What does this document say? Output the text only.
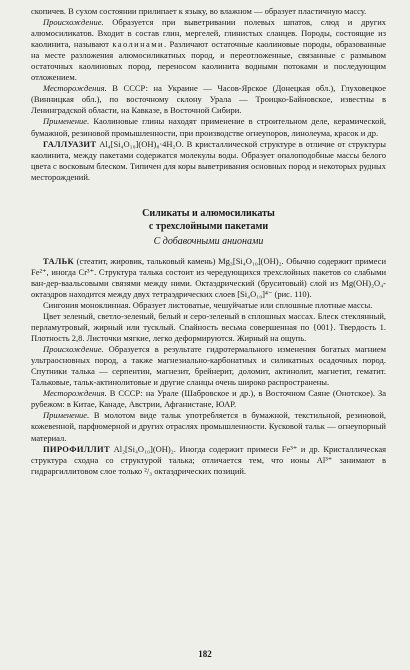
скопичев. В сухом состоянии прилипает к языку, во влажном — образует пластичную массу.

Происхождение. Образуется при выветривании полевых шпатов, слюд и других алюмосиликатов. Входит в состав глин, мергелей, глинистых сланцев. Породы, состоящие из каолинита, называют каолинами. Различают остаточные каолиновые породы, образованные на месте разложения алюмосиликатных пород, и переотложенные, связанные с размывом остаточных каолиновых пород, переносом каолинита водными потоками и последующим отложением.

Месторождения. В СССР: на Украине — Часов-Ярское (Донецкая обл.), Глуховецкое (Винницкая обл.), по восточному склону Урала — Троицко-Байновское, известны в Ленинградской области, на Кавказе, в Восточной Сибири.

Применение. Каолиновые глины находят применение в строительном деле, керамической, бумажной, резиновой промышленности, при производстве огнеупоров, линолеума, красок и др.

ГАЛЛУАЗИТ Al₄[Si₄O₁₀](OH)₈·4H₂O. В кристаллической структуре в отличие от структуры каолинита, между пакетами содержатся молекулы воды. Образует опалоподобные массы белого цвета с восковым блеском. Типичен для коры выветривания основных пород и некоторых рудных месторождений.

Силикаты и алюмосиликаты

с трехслойными пакетами

С добавочными анионами

ТАЛЬК (стеатит, жировик, тальковый камень) Mg₃[Si₄O₁₀](OH)₂. Обычно содержит примеси Fe²⁺, иногда Cr³⁺. Структура талька состоит из чередующихся трехслойных пакетов со слабыми ван-дер-ваальсовыми связями между ними. Октаэдрический (бруситовый) слой из Mg(OH)₂O₄-октаэдров находится между двух тетраэдрических слоев [Si₄O₁₀]⁴⁻ (рис. 110).

Сингония моноклинная. Образует листоватые, чешуйчатые или сплошные плотные массы.

Цвет зеленый, светло-зеленый, белый и серо-зеленый в сплошных массах. Блеск стеклянный, перламутровый, жирный или тусклый. Спайность весьма совершенная по {001}. Твердость 1. Плотность 2,8. Листочки мягкие, легко деформируются. Жирный на ощупь.

Происхождение. Образуется в результате гидротермального изменения богатых магнием ультраосновных пород, а также магнезиально-карбонатных и силикатных осадочных пород. Спутники талька — серпентин, магнезит, брейнерит, доломит, актинолит, магнетит, гематит. Тальковые, тальк-актинолитовые и другие сланцы очень широко распространены.

Месторождения. В СССР: на Урале (Шабровское и др.), в Восточном Саяне (Онотское). За рубежом: в Китае, Канаде, Австрии, Афганистане, ЮАР.

Применение. В молотом виде тальк употребляется в бумажной, текстильной, резиновой, кожевенной, парфюмерной и других отраслях промышленности. Кусковой тальк — огнеупорный материал.

ПИРОФИЛЛИТ Al₂[Si₄O₁₀](OH)₂. Иногда содержит примеси Fe³⁺ и др. Кристаллическая структура сходна со структурой талька; отличается тем, что ионы Al³⁺ занимают в гидраргиллитовом слое только ²/₃ октаэдрических позиций.

182
